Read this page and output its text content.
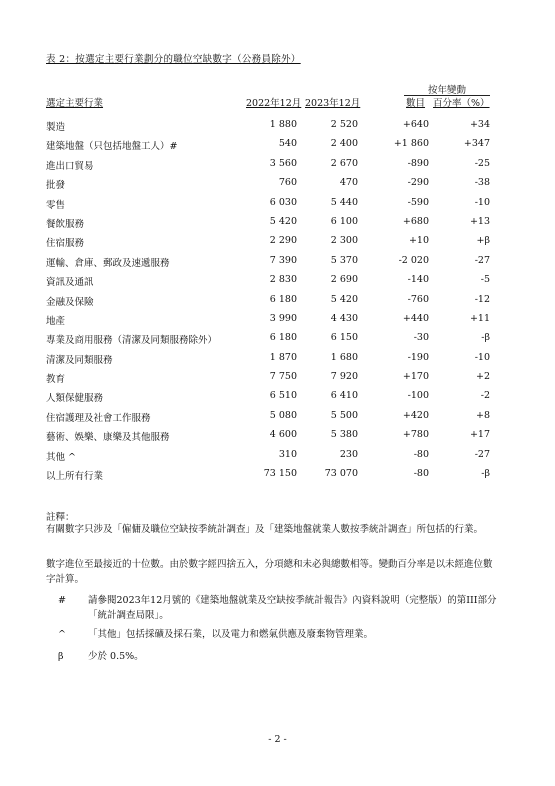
表 2：按選定主要行業劃分的職位空缺數字（公務員除外）
按年變動
選定主要行業	2022年12月 2023年12月	數目 百分率（%）
製造	1 880	2 520	+640	+34
建築地盤（只包括地盤工人）#	540	2 400	+1 860	+347
進出口貿易	3 560	2 670	-890	-25
批發	760	470	-290	-38
零售	6 030	5 440	-590	-10
餐飲服務	5 420	6 100	+680	+13
住宿服務	2 290	2 300	+10	+β
運輸、倉庫、郵政及速遞服務	7 390	5 370	-2 020	-27
資訊及通訊	2 830	2 690	-140	-5
金融及保險	6 180	5 420	-760	-12
地產	3 990	4 430	+440	+11
專業及商用服務（清潔及同類服務除外）	6 180	6 150	-30	-β
清潔及同類服務	1 870	1 680	-190	-10
教育	7 750	7 920	+170	+2
人類保健服務	6 510	6 410	-100	-2
住宿護理及社會工作服務	5 080	5 500	+420	+8
藝術、娛樂、康樂及其他服務	4 600	5 380	+780	+17
其他 ^	310	230	-80	-27
以上所有行業	73 150	73 070	-80	-β
註釋：
有關數字只涉及「僱傭及職位空缺按季統計調查」及「建築地盤就業人數按季統計調查」所包括的行業。
數字進位至最接近的十位數。由於數字經四捨五入，分項總和未必與總數相等。變動百分率是以未經進位數字計算。
# 請參閱2023年12月號的《建築地盤就業及空缺按季統計報告》內資料說明（完整版）的第III部分「統計調查局限」。
^ 「其他」包括採礦及採石業，以及電力和燃氣供應及廢棄物管理業。
β	少於 0.5%。
- 2 -
